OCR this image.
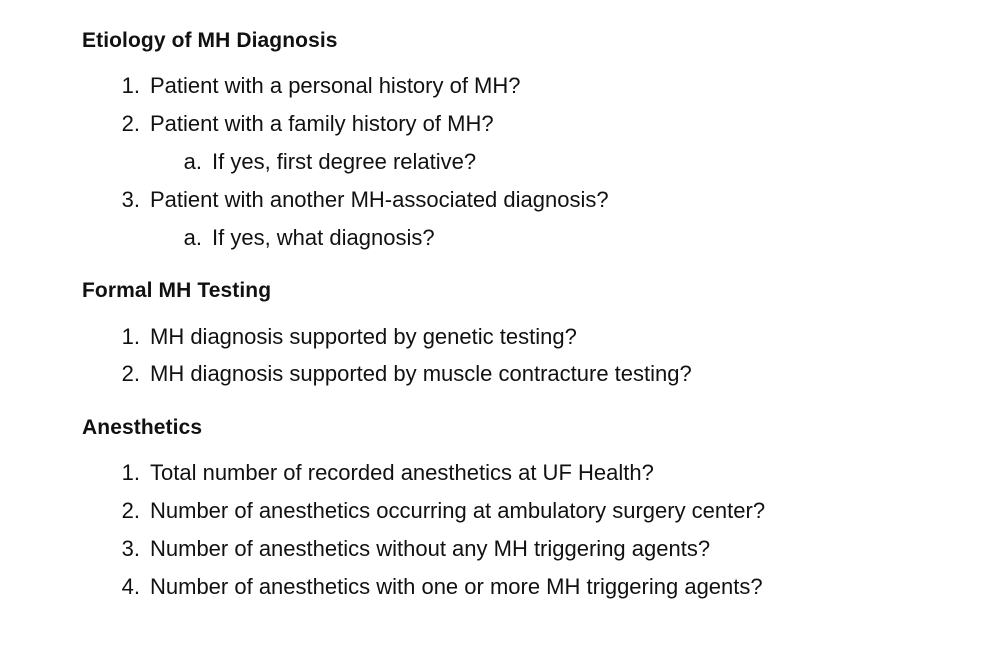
Etiology of MH Diagnosis
1. Patient with a personal history of MH?
2. Patient with a family history of MH?
a. If yes, first degree relative?
3. Patient with another MH-associated diagnosis?
a. If yes, what diagnosis?
Formal MH Testing
1. MH diagnosis supported by genetic testing?
2. MH diagnosis supported by muscle contracture testing?
Anesthetics
1. Total number of recorded anesthetics at UF Health?
2. Number of anesthetics occurring at ambulatory surgery center?
3. Number of anesthetics without any MH triggering agents?
4. Number of anesthetics with one or more MH triggering agents?
